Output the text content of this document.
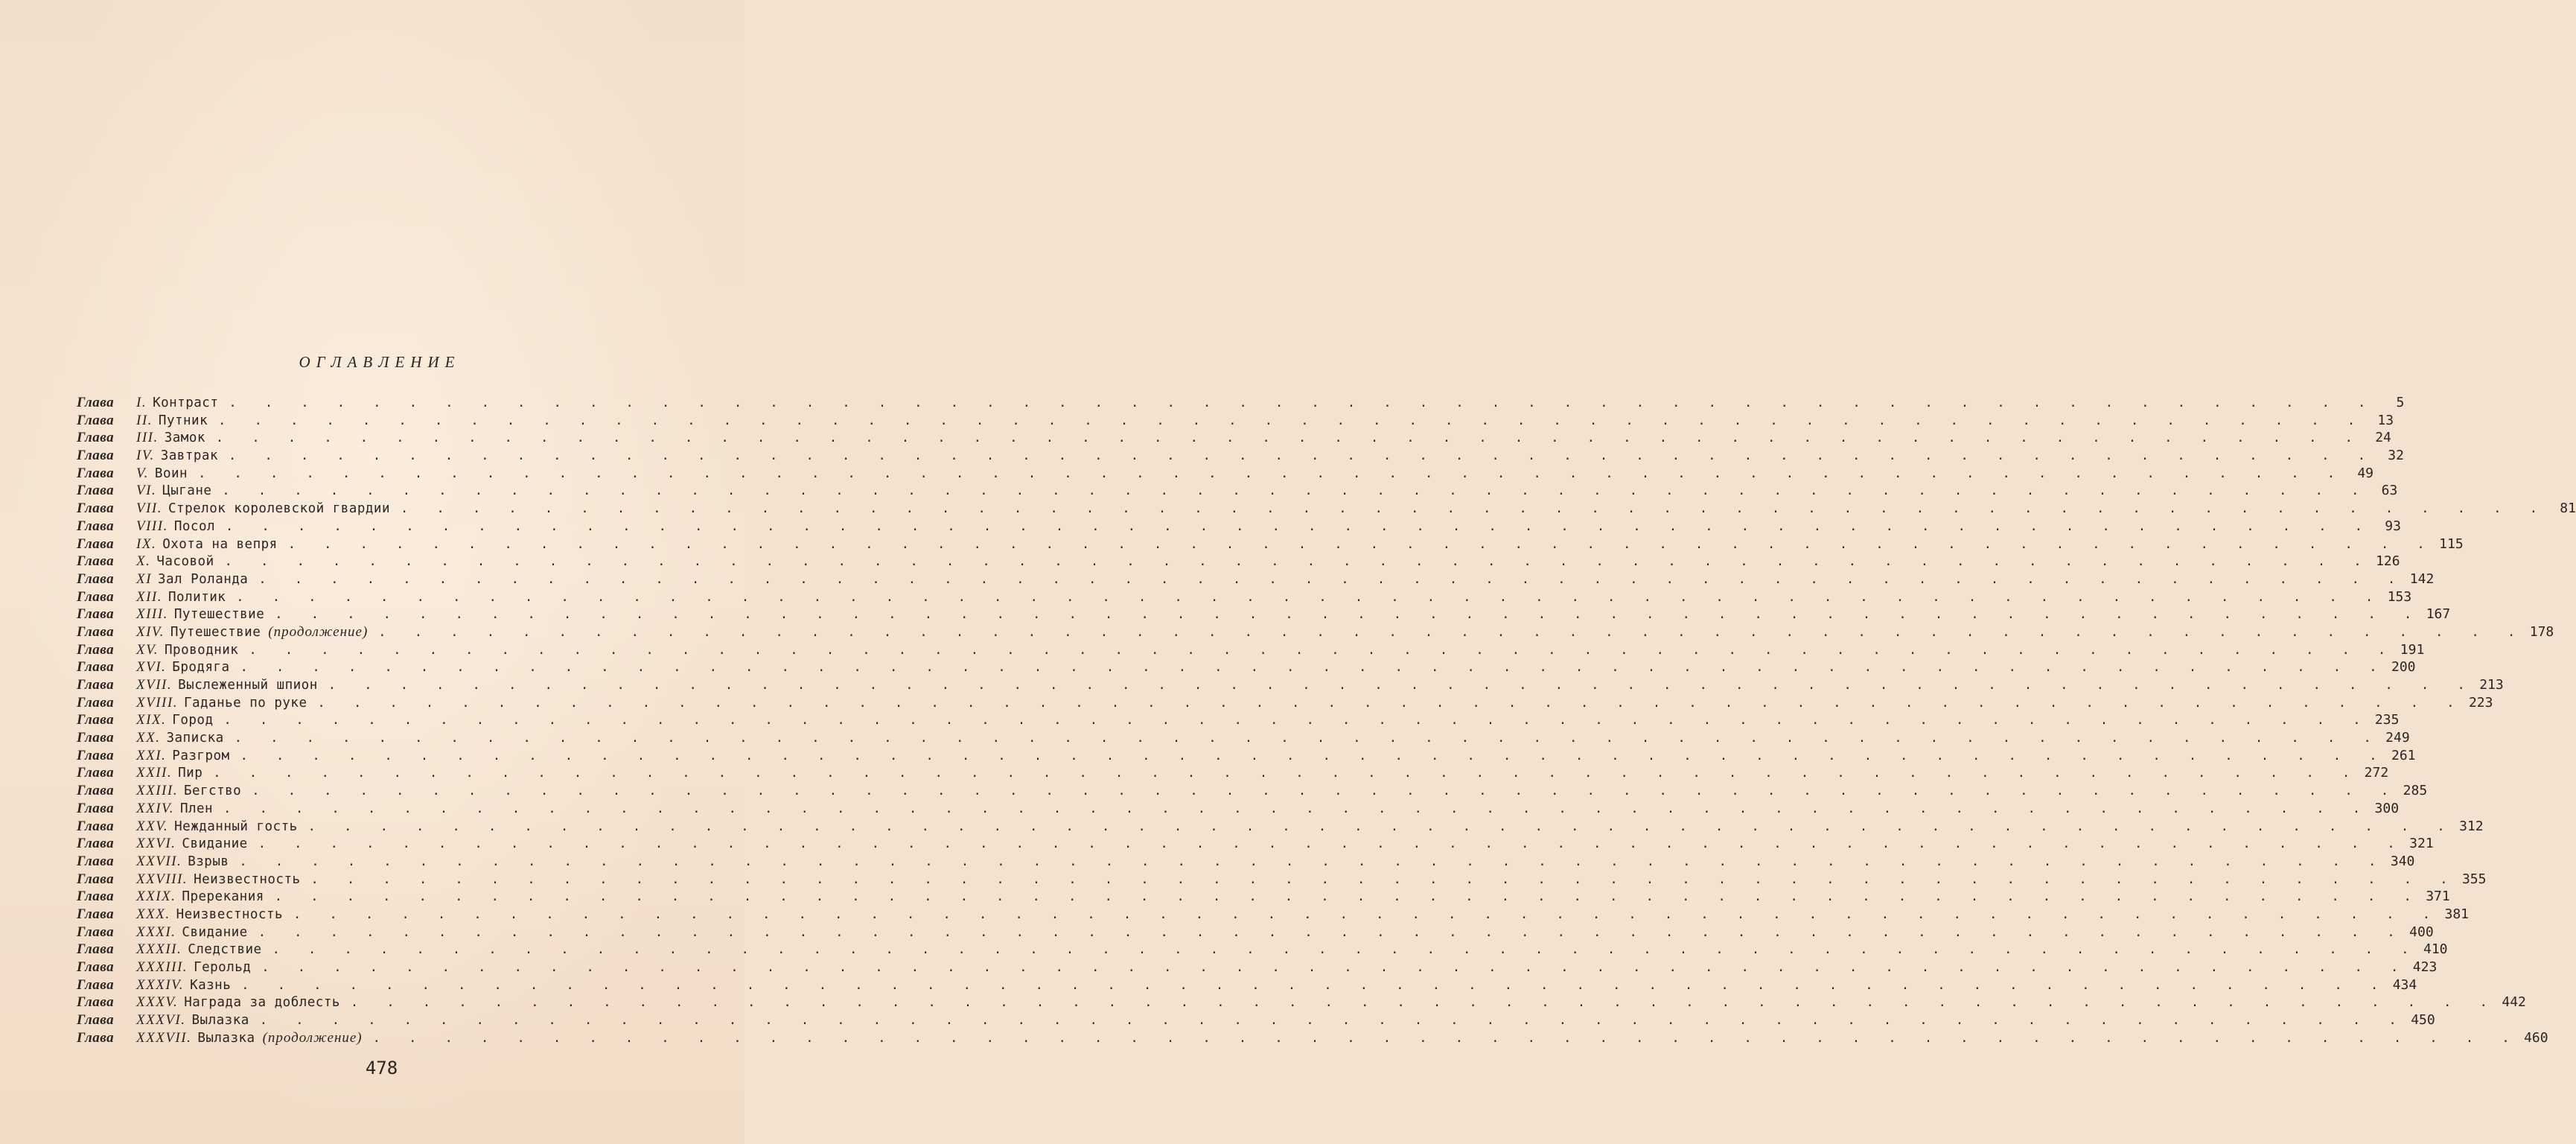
ОГЛАВЛЕНИЕ
Глава	I. Контраст . . . . . . . . . . . . . . . . . . . . . . . . . . . . . . . . . . . . . . . . . . . . . . . . . . . . . . . . . . . .	5
Глава	II. Путник . . . . . . . . . . . . . . . . . . . . . . . . . . . . . . . . . . . . . . . . . . . . . . . . . . . . . . . . . . . . 13
Глава	III. Замок . . . . . . . . . . . . . . . . . . . . . . . . . . . . . . . . . . . . . . . . . . . . . . . . . . . . . . . . . . . . 24
Глава	IV. Завтрак . . . . . . . . . . . . . . . . . . . . . . . . . . . . . . . . . . . . . . . . . . . . . . . . . . . . . . . . . . . . 32
Глава	V. Воин . . . . . . . . . . . . . . . . . . . . . . . . . . . . . . . . . . . . . . . . . . . . . . . . . . . . . . . . . . . . 49
Глава	VI. Цыгане . . . . . . . . . . . . . . . . . . . . . . . . . . . . . . . . . . . . . . . . . . . . . . . . . . . . . . . . . . . . 63
Глава	VII. Стрелок королевской гвардии . . . . . . . . . . . . . . . . . . . . . . . . . . . . . . . . . . . . . . . . . . . . . . . . . . . . . . . . . . . . 81
Глава	VIII. Посол . . . . . . . . . . . . . . . . . . . . . . . . . . . . . . . . . . . . . . . . . . . . . . . . . . . . . . . . . . . . 93
Глава	IX. Охота на вепря . . . . . . . . . . . . . . . . . . . . . . . . . . . . . . . . . . . . . . . . . . . . . . . . . . . . . . . . . . . . 115
Глава	X. Часовой . . . . . . . . . . . . . . . . . . . . . . . . . . . . . . . . . . . . . . . . . . . . . . . . . . . . . . . . . . . . 126
Глава	XI Зал Роланда . . . . . . . . . . . . . . . . . . . . . . . . . . . . . . . . . . . . . . . . . . . . . . . . . . . . . . . . . . . . 142
Глава	XII. Политик . . . . . . . . . . . . . . . . . . . . . . . . . . . . . . . . . . . . . . . . . . . . . . . . . . . . . . . . . . . . 153
Глава	XIII. Путешествие . . . . . . . . . . . . . . . . . . . . . . . . . . . . . . . . . . . . . . . . . . . . . . . . . . . . . . . . . . . . 167
Глава	XIV. Путешествие (продолжение) . . . . . . . . . . . . . . . . . . . . . . . . . . . . . . . . . . . . . . . . . . . . . . . . . . . . . . . . . . . . 178
Глава	XV. Проводник . . . . . . . . . . . . . . . . . . . . . . . . . . . . . . . . . . . . . . . . . . . . . . . . . . . . . . . . . . . . 191
Глава	XVI. Бродяга . . . . . . . . . . . . . . . . . . . . . . . . . . . . . . . . . . . . . . . . . . . . . . . . . . . . . . . . . . . . 200
Глава	XVII. Выслеженный шпион . . . . . . . . . . . . . . . . . . . . . . . . . . . . . . . . . . . . . . . . . . . . . . . . . . . . . . . . . . . . 213
Глава	XVIII. Гаданье по руке . . . . . . . . . . . . . . . . . . . . . . . . . . . . . . . . . . . . . . . . . . . . . . . . . . . . . . . . . . . . 223
Глава	XIX. Город . . . . . . . . . . . . . . . . . . . . . . . . . . . . . . . . . . . . . . . . . . . . . . . . . . . . . . . . . . . . 235
Глава	XX. Записка . . . . . . . . . . . . . . . . . . . . . . . . . . . . . . . . . . . . . . . . . . . . . . . . . . . . . . . . . . . . 249
Глава	XXI. Разгром . . . . . . . . . . . . . . . . . . . . . . . . . . . . . . . . . . . . . . . . . . . . . . . . . . . . . . . . . . . . 261
Глава	XXII. Пир . . . . . . . . . . . . . . . . . . . . . . . . . . . . . . . . . . . . . . . . . . . . . . . . . . . . . . . . . . . . 272
Глава	XXIII. Бегство . . . . . . . . . . . . . . . . . . . . . . . . . . . . . . . . . . . . . . . . . . . . . . . . . . . . . . . . . . . . 285
Глава	XXIV. Плен . . . . . . . . . . . . . . . . . . . . . . . . . . . . . . . . . . . . . . . . . . . . . . . . . . . . . . . . . . . . 300
Глава	XXV. Нежданный гость . . . . . . . . . . . . . . . . . . . . . . . . . . . . . . . . . . . . . . . . . . . . . . . . . . . . . . . . . . . . 312
Глава	XXVI. Свидание . . . . . . . . . . . . . . . . . . . . . . . . . . . . . . . . . . . . . . . . . . . . . . . . . . . . . . . . . . . . 321
Глава	XXVII. Взрыв . . . . . . . . . . . . . . . . . . . . . . . . . . . . . . . . . . . . . . . . . . . . . . . . . . . . . . . . . . . . 340
Глава	XXVIII. Неизвестность . . . . . . . . . . . . . . . . . . . . . . . . . . . . . . . . . . . . . . . . . . . . . . . . . . . . . . . . . . . . 355
Глава	XXIX. Пререкания . . . . . . . . . . . . . . . . . . . . . . . . . . . . . . . . . . . . . . . . . . . . . . . . . . . . . . . . . . . . 371
Глава	XXX. Неизвестность . . . . . . . . . . . . . . . . . . . . . . . . . . . . . . . . . . . . . . . . . . . . . . . . . . . . . . . . . . . . 381
Глава	XXXI. Свидание . . . . . . . . . . . . . . . . . . . . . . . . . . . . . . . . . . . . . . . . . . . . . . . . . . . . . . . . . . . . 400
Глава	XXXII. Следствие . . . . . . . . . . . . . . . . . . . . . . . . . . . . . . . . . . . . . . . . . . . . . . . . . . . . . . . . . . . . 410
Глава	XXXIII. Герольд . . . . . . . . . . . . . . . . . . . . . . . . . . . . . . . . . . . . . . . . . . . . . . . . . . . . . . . . . . . . 423
Глава	XXXIV. Казнь . . . . . . . . . . . . . . . . . . . . . . . . . . . . . . . . . . . . . . . . . . . . . . . . . . . . . . . . . . . . 434
Глава	XXXV. Награда за доблесть . . . . . . . . . . . . . . . . . . . . . . . . . . . . . . . . . . . . . . . . . . . . . . . . . . . . . . . . . . . . 442
Глава	XXXVI. Вылазка . . . . . . . . . . . . . . . . . . . . . . . . . . . . . . . . . . . . . . . . . . . . . . . . . . . . . . . . . . . . 450
Глава	XXXVII. Вылазка (продолжение) . . . . . . . . . . . . . . . . . . . . . . . . . . . . . . . . . . . . . . . . . . . . . . . . . . . . . . . . . . . . 460
478
